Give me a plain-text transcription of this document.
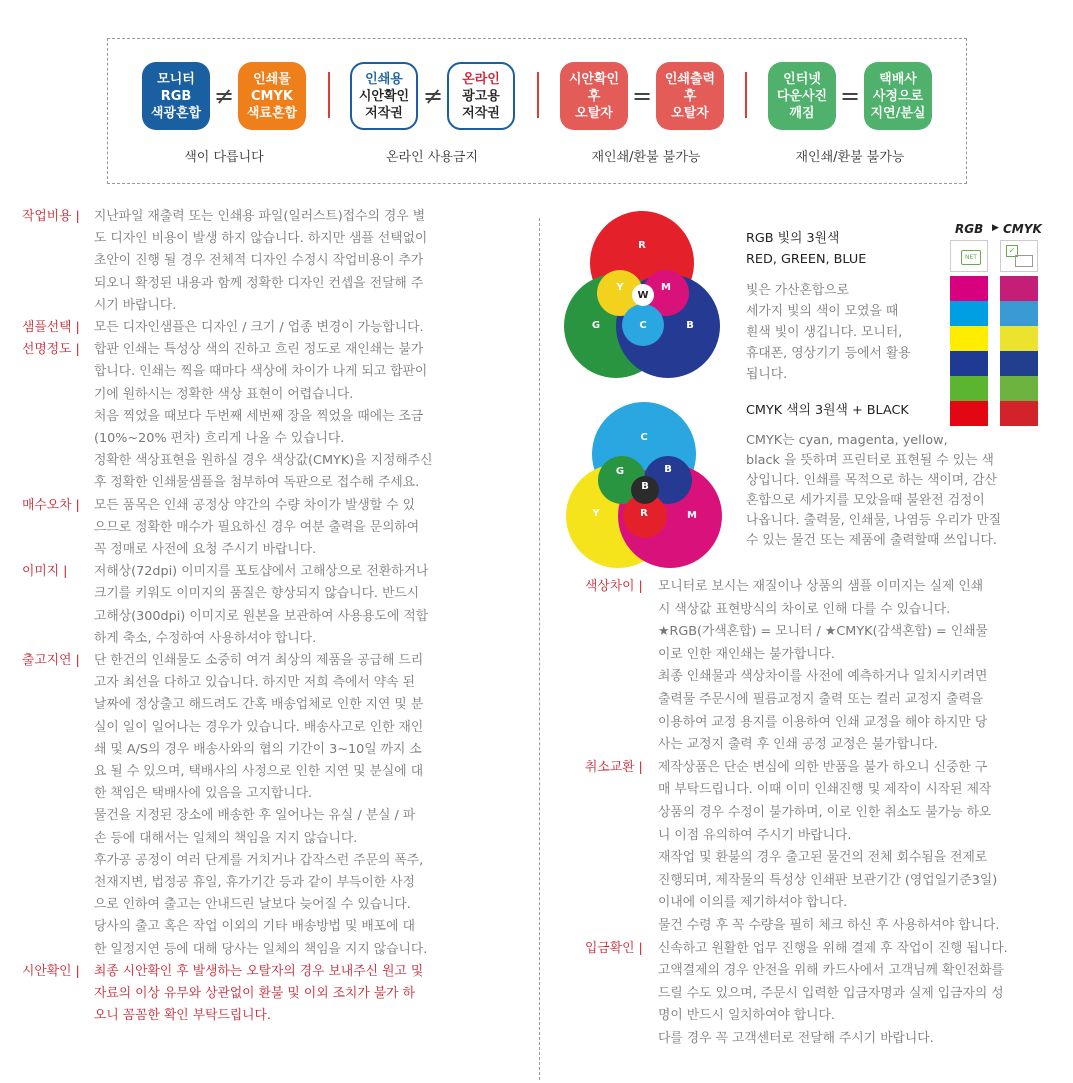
모니터
RGB
색광혼합
≠
인쇄물
CMYK
색료혼합
색이 다릅니다
인쇄용
시안확인
저작권
≠
온라인
광고용
저작권
온라인 사용금지
시안확인
후
오탈자
=
인쇄출력
후
오탈자
재인쇄/환불 불가능
인터넷
다운사진
깨짐
=
택배사
사정으로
지연/분실
재인쇄/환불 불가능
작업비용 | 지난파일 재출력 또는 인쇄용 파일(일러스트)접수의 경우 별
도 디자인 비용이 발생 하지 않습니다. 하지만 샘플 선택없이
초안이 진행 될 경우 전체적 디자인 수정시 작업비용이 추가
되오니 확정된 내용과 함께 정확한 디자인 컨셉을 전달해 주
시기 바랍니다.
샘플선택 | 모든 디자인샘플은 디자인 / 크기 / 업종 변경이 가능합니다.
선명정도 | 합판 인쇄는 특성상 색의 진하고 흐린 정도로 재인쇄는 불가
합니다. 인쇄는 찍을 때마다 색상에 차이가 나게 되고 합판이
기에 원하시는 정확한 색상 표현이 어렵습니다.
처음 찍었을 때보다 두번째 세번째 장을 찍었을 때에는 조금
(10%~20% 편차) 흐리게 나올 수 있습니다.
정확한 색상표현을 원하실 경우 색상값(CMYK)을 지정해주신
후 정확한 인쇄물샘플을 첨부하여 독판으로 접수해 주세요.
매수오차 | 모든 품목은 인쇄 공정상 약간의 수량 차이가 발생할 수 있
으므로 정확한 매수가 필요하신 경우 여분 출력을 문의하여
꼭 정매로 사전에 요청 주시기 바랍니다.
이미지 | 저해상(72dpi) 이미지를 포토샵에서 고해상으로 전환하거나
크기를 키워도 이미지의 품질은 향상되지 않습니다. 반드시
고해상(300dpi) 이미지로 원본을 보관하여 사용용도에 적합
하게 축소, 수정하여 사용하셔야 합니다.
출고지연 | 단 한건의 인쇄물도 소중히 여겨 최상의 제품을 공급해 드리
고자 최선을 다하고 있습니다. 하지만 저희 측에서 약속 된
날짜에 정상출고 해드려도 간혹 배송업체로 인한 지연 및 분
실이 일이 일어나는 경우가 있습니다. 배송사고로 인한 재인
쇄 및 A/S의 경우 배송사와의 협의 기간이 3~10일 까지 소
요 될 수 있으며, 택배사의 사정으로 인한 지연 및 분실에 대
한 책임은 택배사에 있음을 고지합니다.
물건을 지정된 장소에 배송한 후 일어나는 유실 / 분실 / 파
손 등에 대해서는 일체의 책임을 지지 않습니다.
후가공 공정이 여러 단계를 거치거나 갑작스런 주문의 폭주,
천재지변, 법정공 휴일, 휴가기간 등과 같이 부득이한 사정
으로 인하여 출고는 안내드린 날보다 늦어질 수 있습니다.
당사의 출고 혹은 작업 이외의 기타 배송방법 및 배포에 대
한 일정지연 등에 대해 당사는 일체의 책임을 지지 않습니다.
시안확인 | 최종 시안확인 후 발생하는 오탈자의 경우 보내주신 원고 및
자료의 이상 유무와 상관없이 환불 및 이외 조치가 불가 하
오니 꼼꼼한 확인 부탁드립니다.
R
G	B
Y	M
C
W
RGB 빛의 3원색
RED, GREEN, BLUE
빛은 가산혼합으로
세가지 빛의 색이 모였을 때
흰색 빛이 생깁니다. 모니터,
휴대폰, 영상기기 등에서 활용
됩니다.
C
Y	M
G	B
R
B
CMYK 색의 3원색 + BLACK
CMYK는 cyan, magenta, yellow,
black 을 뜻하며 프린터로 표현될 수 있는 색
상입니다. 인쇄를 목적으로 하는 색이며, 감산
혼합으로 세가지를 모았을때 불완전 검정이
나옵니다. 출력물, 인쇄물, 나염등 우리가 만질
수 있는 물건 또는 제품에 출력할때 쓰입니다.
RGB ▶ CMYK
NET
✓
색상차이 | 모니터로 보시는 재질이나 상품의 샘플 이미지는 실제 인쇄
시 색상값 표현방식의 차이로 인해 다를 수 있습니다.
★RGB(가색혼합) = 모니터 / ★CMYK(감색혼합) = 인쇄물
이로 인한 재인쇄는 불가합니다.
최종 인쇄물과 색상차이를 사전에 예측하거나 일치시키려면
출력물 주문시에 필름교정지 출력 또는 컬러 교정지 출력을
이용하여 교정 용지를 이용하여 인쇄 교정을 해야 하지만 당
사는 교정지 출력 후 인쇄 공정 교정은 불가합니다.
취소교환 | 제작상품은 단순 변심에 의한 반품을 불가 하오니 신중한 구
매 부탁드립니다. 이때 이미 인쇄진행 및 제작이 시작된 제작
상품의 경우 수정이 불가하며, 이로 인한 취소도 불가능 하오
니 이점 유의하여 주시기 바랍니다.
재작업 및 환불의 경우 출고된 물건의 전체 회수됨을 전제로
진행되며, 제작물의 특성상 인쇄판 보관기간 (영업일기준3일)
이내에 이의를 제기하셔야 합니다.
물건 수령 후 꼭 수량을 필히 체크 하신 후 사용하셔야 합니다.
입금확인 | 신속하고 원활한 업무 진행을 위해 결제 후 작업이 진행 됩니다.
고액결제의 경우 안전을 위해 카드사에서 고객님께 확인전화를
드릴 수도 있으며, 주문시 입력한 입금자명과 실제 입금자의 성
명이 반드시 일치하여야 합니다.
다를 경우 꼭 고객센터로 전달해 주시기 바랍니다.
